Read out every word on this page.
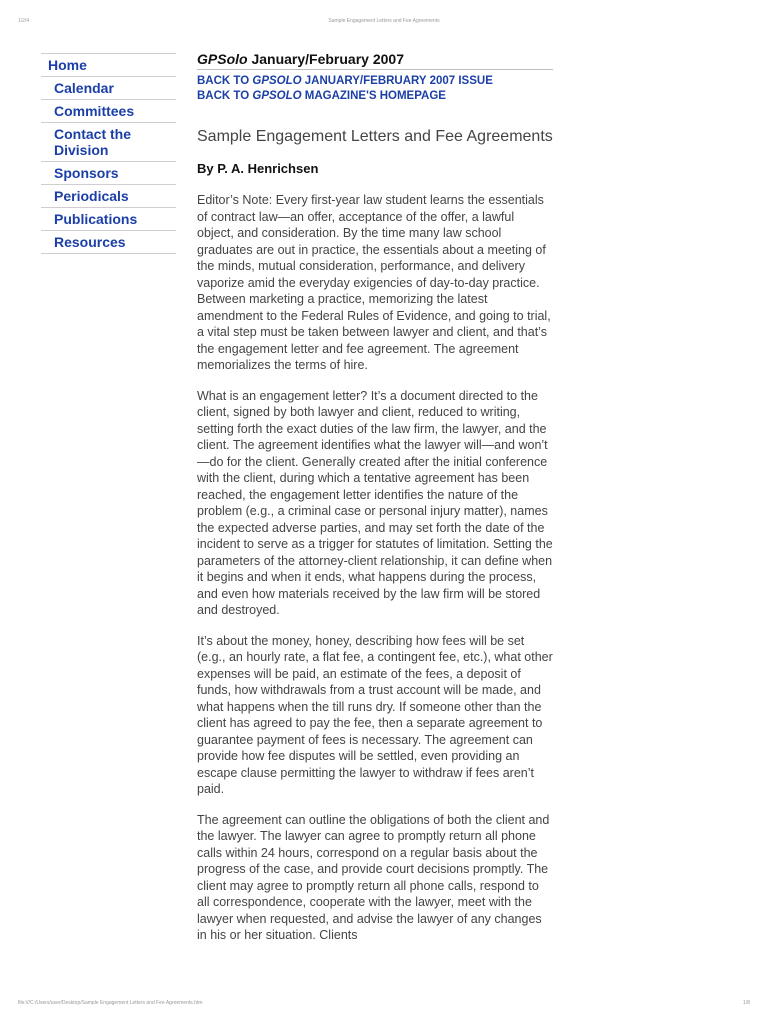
1/2/4	Sample Engagement Letters and Fee Agreements
Home
Calendar
Committees
Contact the Division
Sponsors
Periodicals
Publications
Resources
GPSolo January/February 2007
BACK TO GPSOLO JANUARY/FEBRUARY 2007 ISSUE
BACK TO GPSOLO MAGAZINE'S HOMEPAGE
Sample Engagement Letters and Fee Agreements
By P. A. Henrichsen

Editor’s Note: Every first-year law student learns the essentials of contract law—an offer, acceptance of the offer, a lawful object, and consideration. By the time many law school graduates are out in practice, the essentials about a meeting of the minds, mutual consideration, performance, and delivery vaporize amid the everyday exigencies of day-to-day practice. Between marketing a practice, memorizing the latest amendment to the Federal Rules of Evidence, and going to trial, a vital step must be taken between lawyer and client, and that’s the engagement letter and fee agreement. The agreement memorializes the terms of hire.

What is an engagement letter? It’s a document directed to the client, signed by both lawyer and client, reduced to writing, setting forth the exact duties of the law firm, the lawyer, and the client. The agreement identifies what the lawyer will—and won’t—do for the client. Generally created after the initial conference with the client, during which a tentative agreement has been reached, the engagement letter identifies the nature of the problem (e.g., a criminal case or personal injury matter), names the expected adverse parties, and may set forth the date of the incident to serve as a trigger for statutes of limitation. Setting the parameters of the attorney-client relationship, it can define when it begins and when it ends, what happens during the process, and even how materials received by the law firm will be stored and destroyed.

It’s about the money, honey, describing how fees will be set (e.g., an hourly rate, a flat fee, a contingent fee, etc.), what other expenses will be paid, an estimate of the fees, a deposit of funds, how withdrawals from a trust account will be made, and what happens when the till runs dry. If someone other than the client has agreed to pay the fee, then a separate agreement to guarantee payment of fees is necessary. The agreement can provide how fee disputes will be settled, even providing an escape clause permitting the lawyer to withdraw if fees aren’t paid.

The agreement can outline the obligations of both the client and the lawyer. The lawyer can agree to promptly return all phone calls within 24 hours, correspond on a regular basis about the progress of the case, and provide court decisions promptly. The client may agree to promptly return all phone calls, respond to all correspondence, cooperate with the lawyer, meet with the lawyer when requested, and advise the lawyer of any changes in his or her situation. Clients

file:///C:/Users/user/Desktop/Sample Engagement Letters and Fee Agreements.htm	1/8
